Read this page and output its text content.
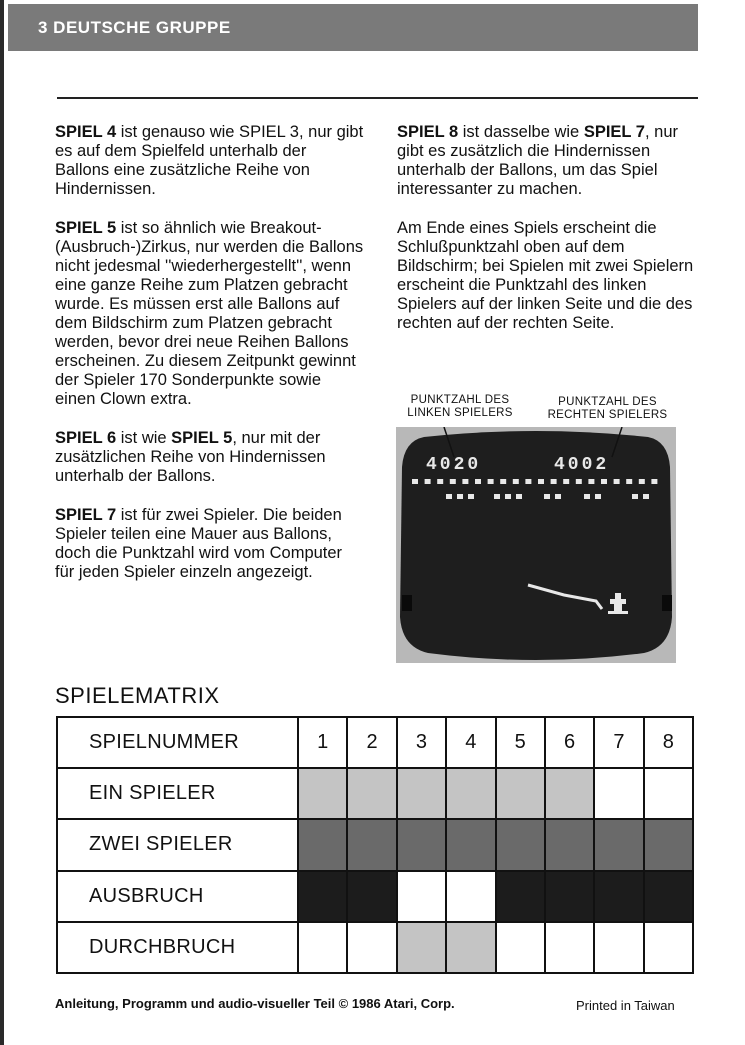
3 DEUTSCHE GRUPPE

SPIEL 4 ist genauso wie SPIEL 3, nur gibt es auf dem Spielfeld unterhalb der Ballons eine zusätzliche Reihe von Hindernissen.

SPIEL 5 ist so ähnlich wie Breakout-(Ausbruch-)Zirkus, nur werden die Ballons nicht jedesmal ''wiederhergestellt'', wenn eine ganze Reihe zum Platzen gebracht wurde. Es müssen erst alle Ballons auf dem Bildschirm zum Platzen gebracht werden, bevor drei neue Reihen Ballons erscheinen. Zu diesem Zeitpunkt gewinnt der Spieler 170 Sonderpunkte sowie einen Clown extra.

SPIEL 6 ist wie SPIEL 5, nur mit der zusätzlichen Reihe von Hindernissen unterhalb der Ballons.

SPIEL 7 ist für zwei Spieler. Die beiden Spieler teilen eine Mauer aus Ballons, doch die Punktzahl wird vom Computer für jeden Spieler einzeln angezeigt.

SPIEL 8 ist dasselbe wie SPIEL 7, nur gibt es zusätzlich die Hindernissen unterhalb der Ballons, um das Spiel interessanter zu machen.

Am Ende eines Spiels erscheint die Schlußpunktzahl oben auf dem Bildschirm; bei Spielen mit zwei Spielern erscheint die Punktzahl des linken Spielers auf der linken Seite und die des rechten auf der rechten Seite.

PUNKTZAHL DES
LINKEN SPIELERS
PUNKTZAHL DES
RECHTEN SPIELERS
4020	4002
SPIELEMATRIX
SPIELNUMMER	1	2	3	4	5	6	7	8
EIN SPIELER								
ZWEI SPIELER								
AUSBRUCH								
DURCHBRUCH								
Anleitung, Programm und audio-visueller Teil © 1986 Atari, Corp.	Printed in Taiwan
